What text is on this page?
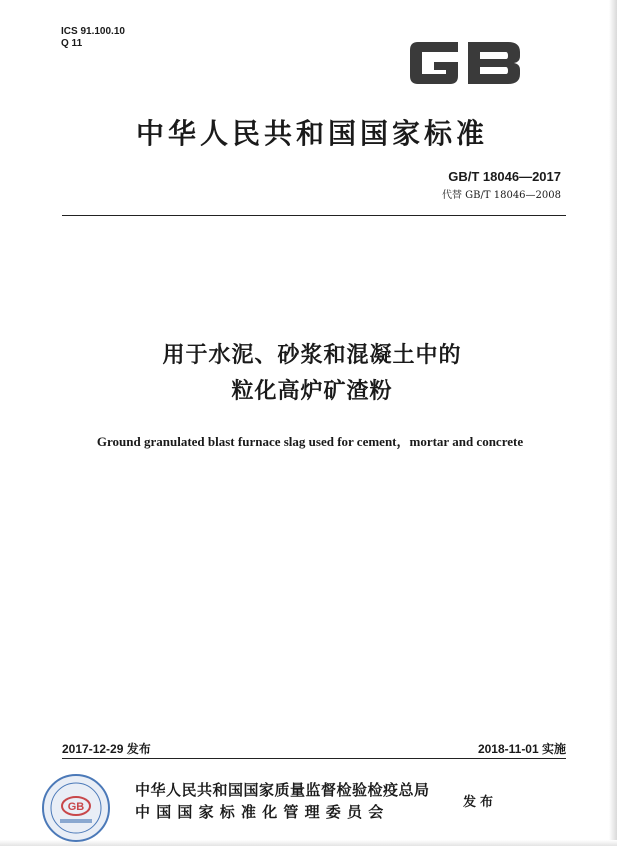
ICS 91.100.10
Q 11
中华人民共和国国家标准
GB/T 18046—2017
代替 GB/T 18046—2008
用于水泥、砂浆和混凝土中的
粒化高炉矿渣粉
Ground granulated blast furnace slag used for cement，mortar and concrete
2017-12-29 发布	2018-11-01 实施
GB
中华人民共和国国家质量监督检验检疫总局
中国国家标准化管理委员会
发布
